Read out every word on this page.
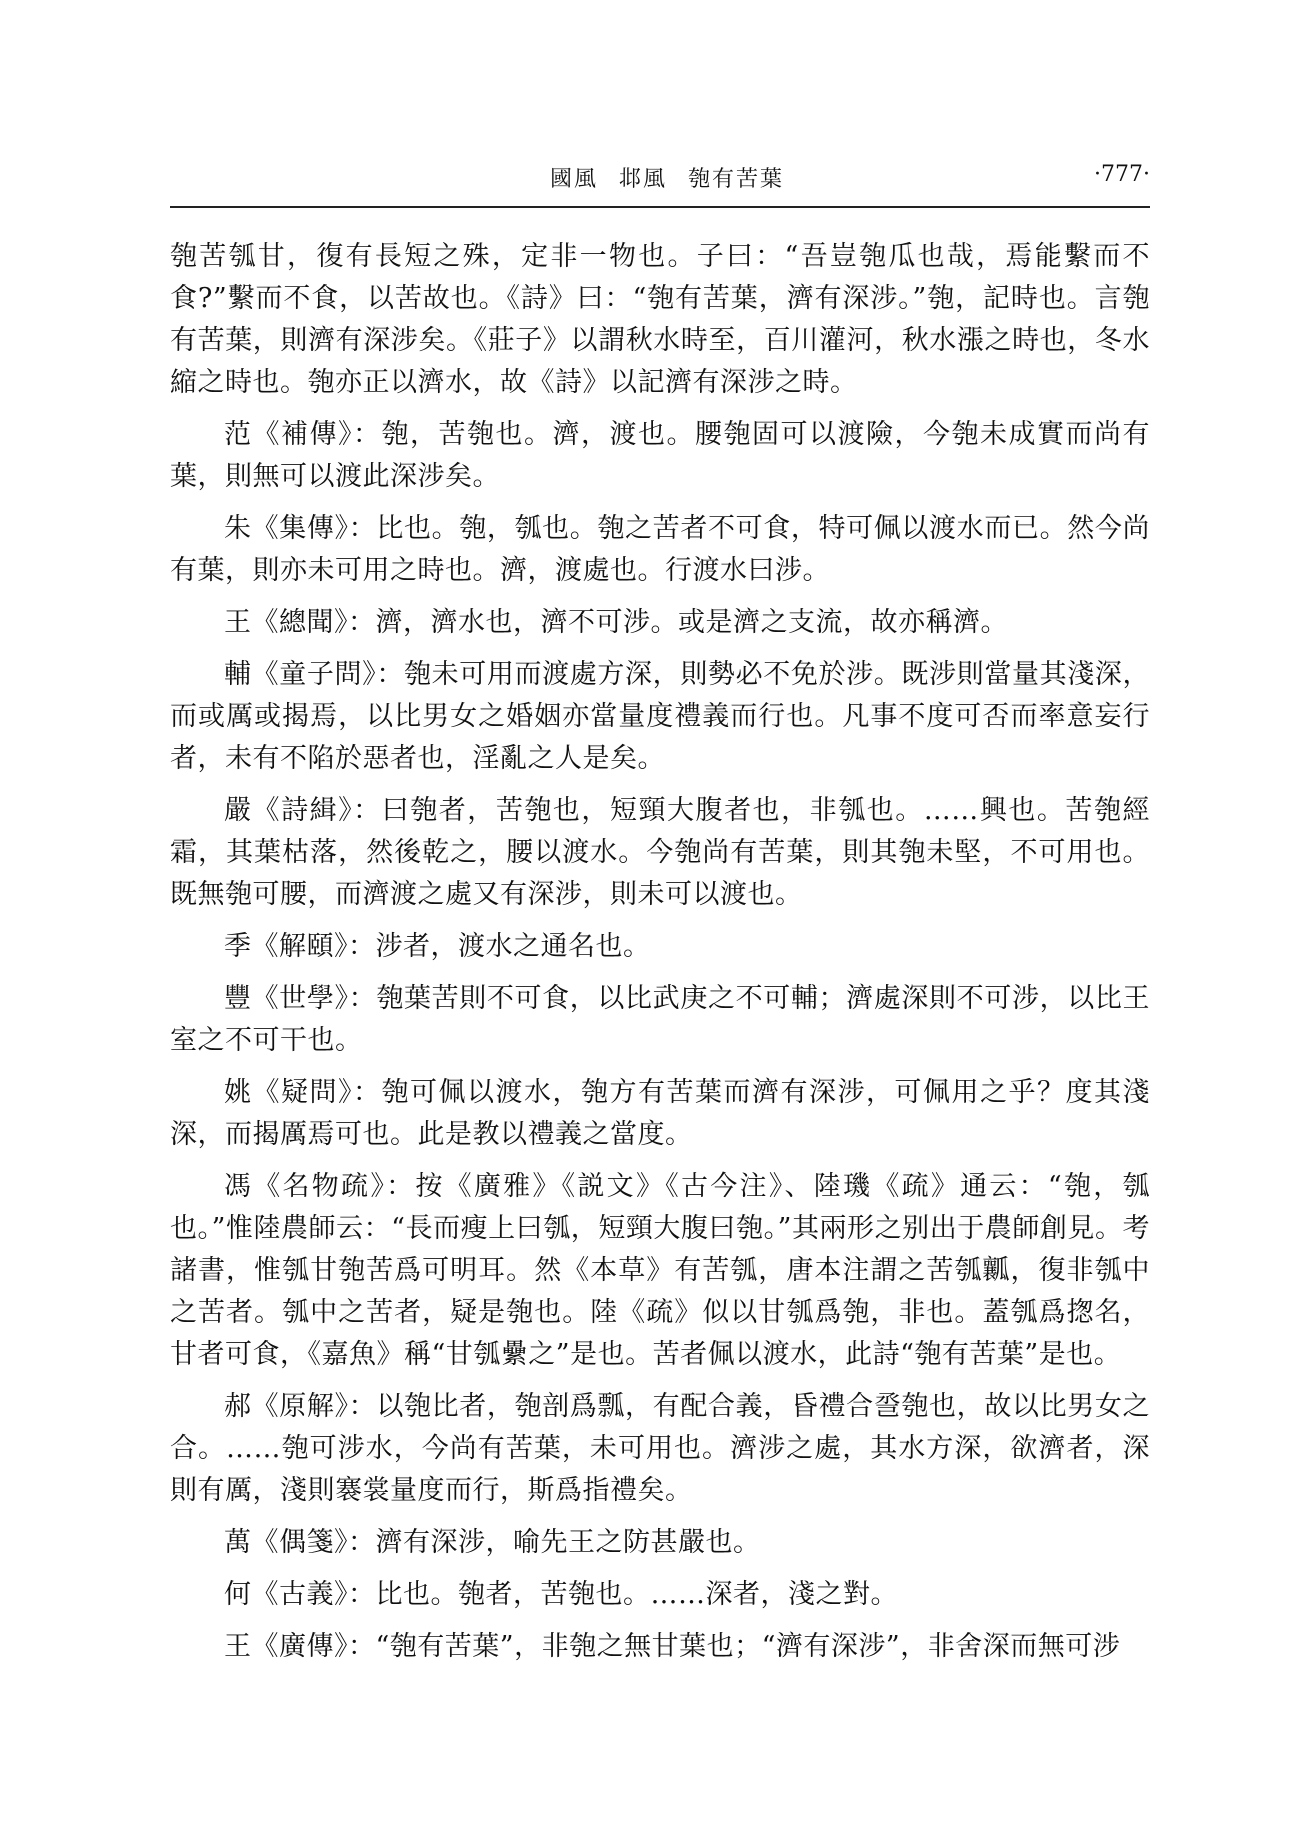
國風 邶風 匏有苦葉	·777·

匏苦瓠甘，復有長短之殊，定非一物也。子曰：“吾豈匏瓜也哉，焉能繫而不食?”繫而不食，以苦故也。《詩》曰：“匏有苦葉，濟有深涉。”匏，記時也。言匏有苦葉，則濟有深涉矣。《莊子》以謂秋水時至，百川灌河，秋水漲之時也，冬水縮之時也。匏亦正以濟水，故《詩》以記濟有深涉之時。

范《補傳》：匏，苦匏也。濟，渡也。腰匏固可以渡險，今匏未成實而尚有葉，則無可以渡此深涉矣。

朱《集傳》：比也。匏，瓠也。匏之苦者不可食，特可佩以渡水而已。然今尚有葉，則亦未可用之時也。濟，渡處也。行渡水曰涉。

王《總聞》：濟，濟水也，濟不可涉。或是濟之支流，故亦稱濟。

輔《童子問》：匏未可用而渡處方深，則勢必不免於涉。既涉則當量其淺深，而或厲或揭焉，以比男女之婚姻亦當量度禮義而行也。凡事不度可否而率意妄行者，未有不陷於惡者也，淫亂之人是矣。

嚴《詩緝》：曰匏者，苦匏也，短頸大腹者也，非瓠也。……興也。苦匏經霜，其葉枯落，然後乾之，腰以渡水。今匏尚有苦葉，則其匏未堅，不可用也。既無匏可腰，而濟渡之處又有深涉，則未可以渡也。

季《解頤》：涉者，渡水之通名也。

豐《世學》：匏葉苦則不可食，以比武庚之不可輔；濟處深則不可涉，以比王室之不可干也。

姚《疑問》：匏可佩以渡水，匏方有苦葉而濟有深涉，可佩用之乎？度其淺深，而揭厲焉可也。此是教以禮義之當度。

馮《名物疏》：按《廣雅》《説文》《古今注》、陸璣《疏》通云：“匏，瓠也。”惟陸農師云：“長而瘦上曰瓠，短頸大腹曰匏。”其兩形之别出于農師創見。考諸書，惟瓠甘匏苦爲可明耳。然《本草》有苦瓠，唐本注謂之苦瓠瓤，復非瓠中之苦者。瓠中之苦者，疑是匏也。陸《疏》似以甘瓠爲匏，非也。蓋瓠爲揔名，甘者可食，《嘉魚》稱“甘瓠纍之”是也。苦者佩以渡水，此詩“匏有苦葉”是也。

郝《原解》：以匏比者，匏剖爲瓢，有配合義，昏禮合巹匏也，故以比男女之合。……匏可涉水，今尚有苦葉，未可用也。濟涉之處，其水方深，欲濟者，深則有厲，淺則褰裳量度而行，斯爲指禮矣。

萬《偶箋》：濟有深涉，喻先王之防甚嚴也。

何《古義》：比也。匏者，苦匏也。……深者，淺之對。

王《廣傳》：“匏有苦葉”，非匏之無甘葉也；“濟有深涉”，非舍深而無可涉
